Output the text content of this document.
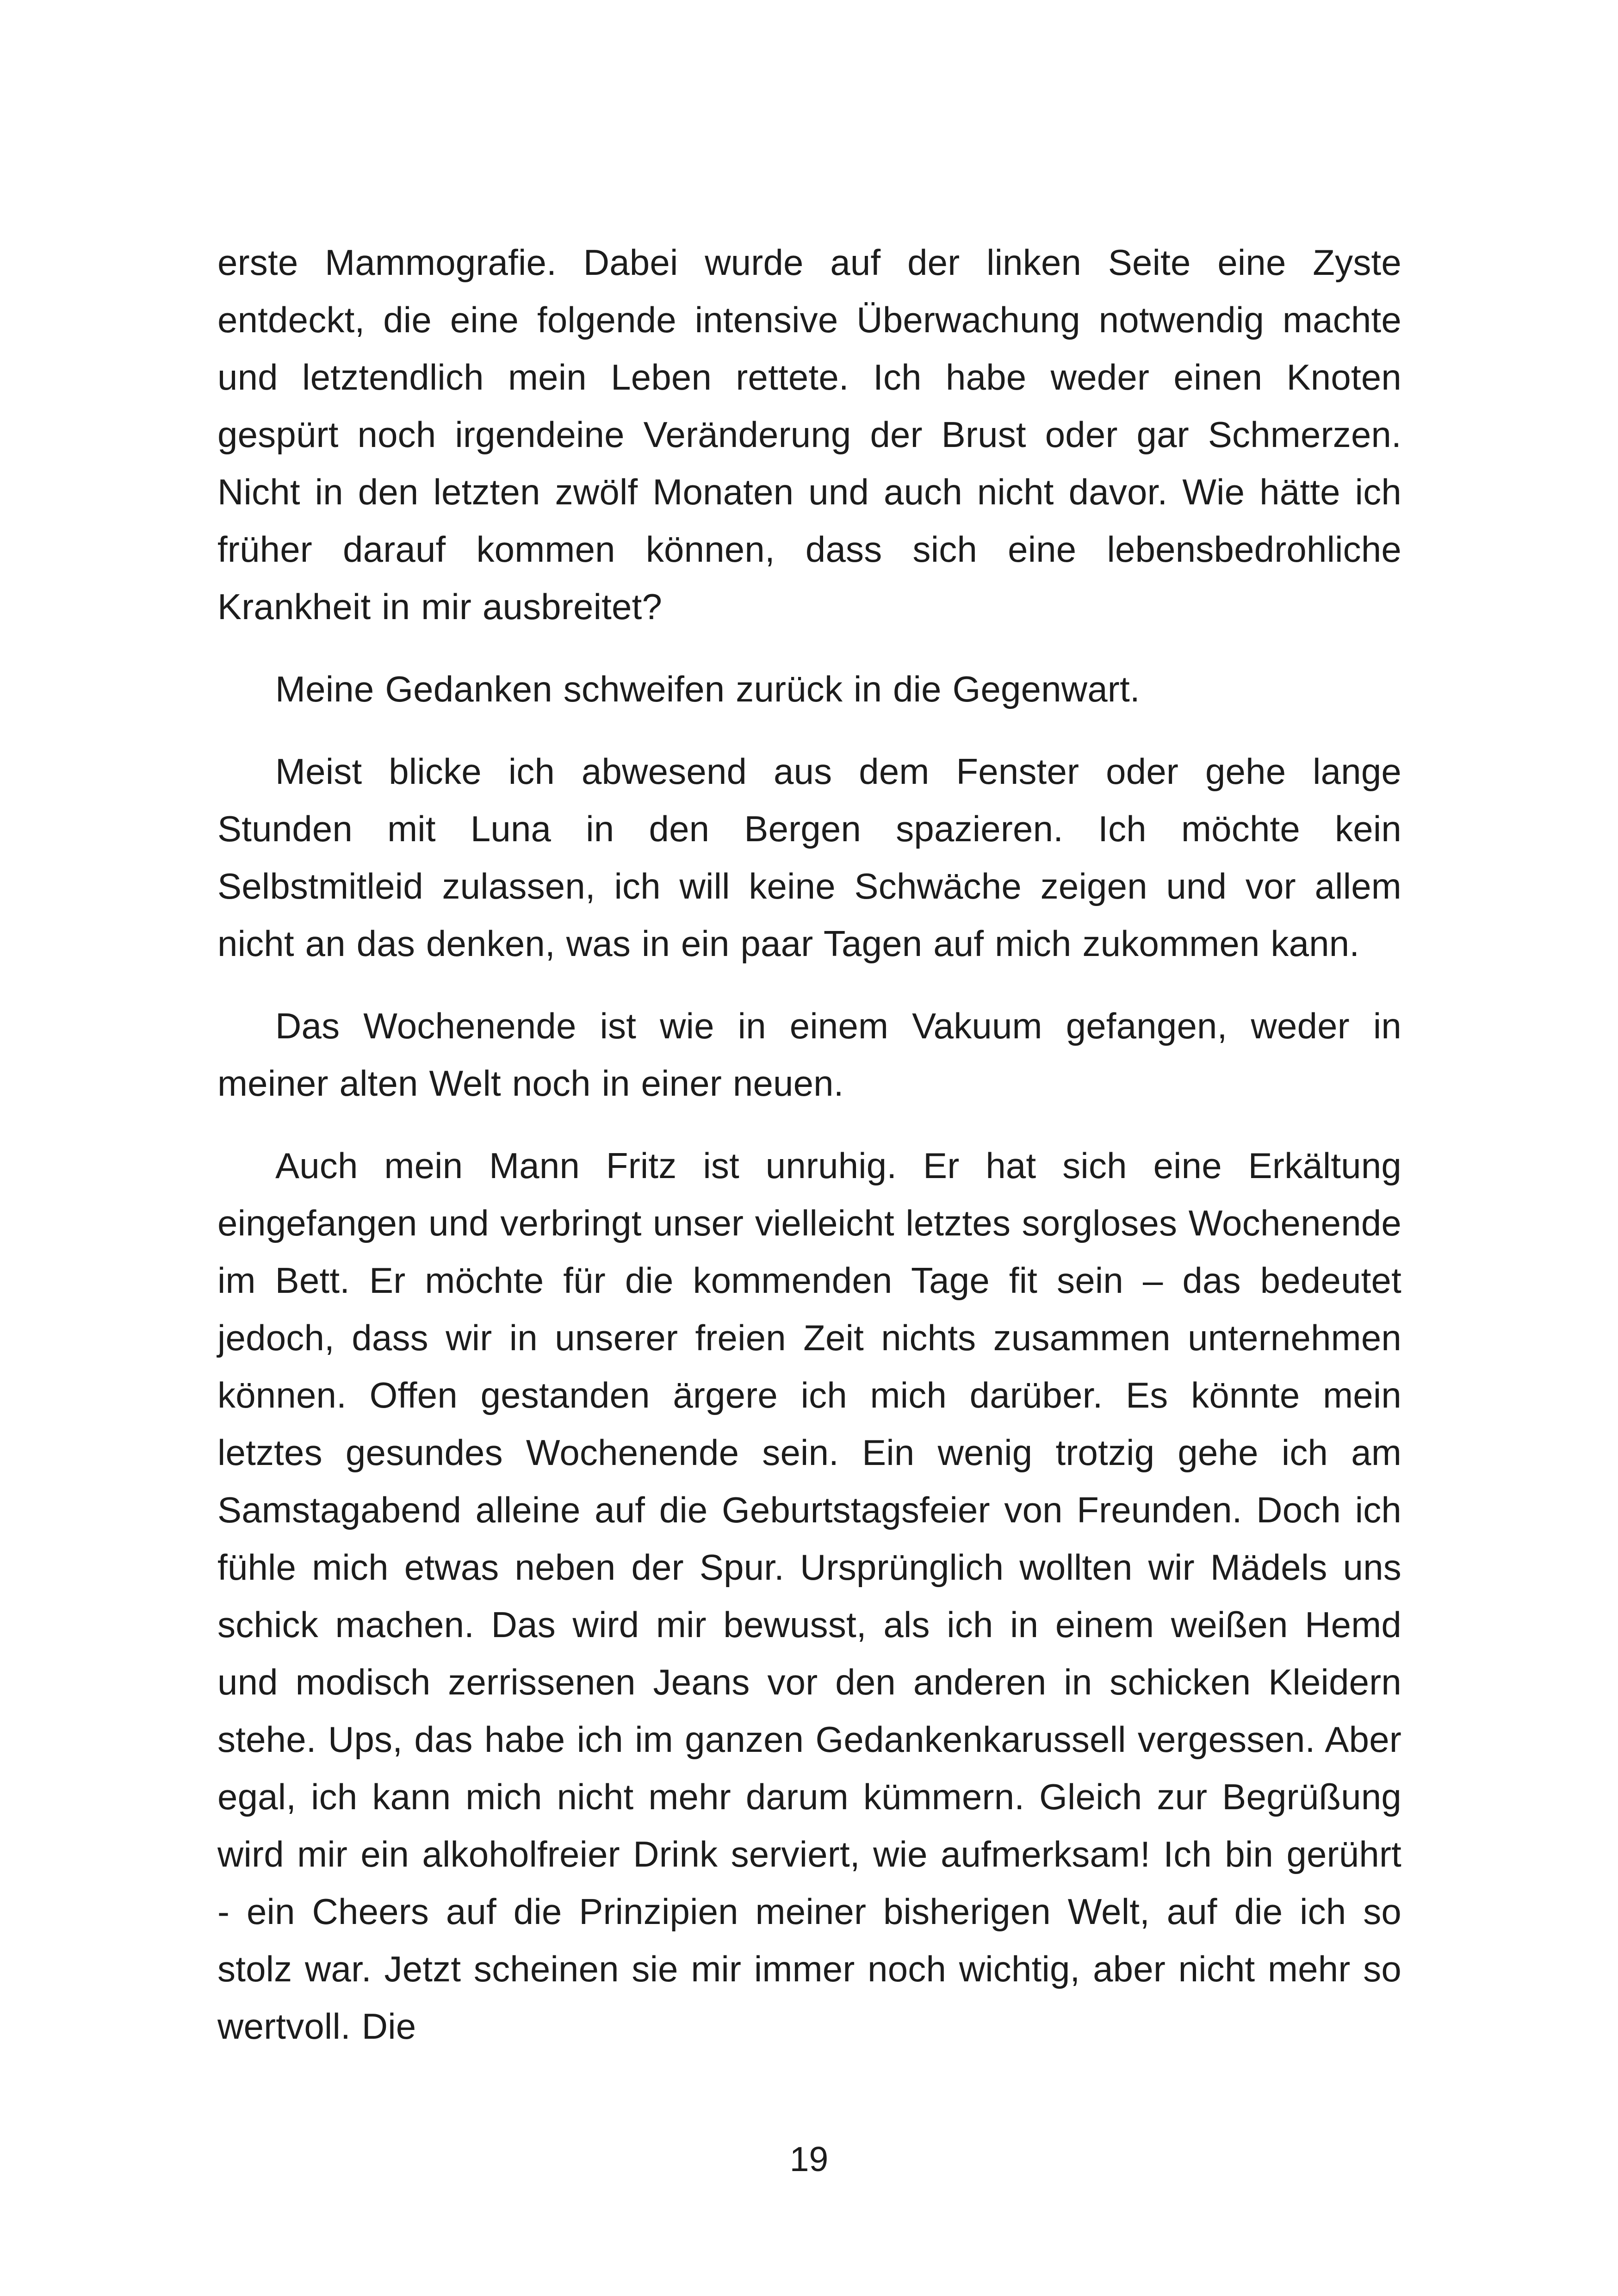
erste Mammografie. Dabei wurde auf der linken Seite eine Zyste entdeckt, die eine folgende intensive Überwachung notwendig machte und letztendlich mein Leben rettete. Ich habe weder einen Knoten gespürt noch irgendeine Veränderung der Brust oder gar Schmerzen. Nicht in den letzten zwölf Monaten und auch nicht davor. Wie hätte ich früher darauf kommen können, dass sich eine lebensbedrohliche Krankheit in mir ausbreitet?

Meine Gedanken schweifen zurück in die Gegenwart.

Meist blicke ich abwesend aus dem Fenster oder gehe lange Stunden mit Luna in den Bergen spazieren. Ich möchte kein Selbstmitleid zulassen, ich will keine Schwäche zeigen und vor allem nicht an das denken, was in ein paar Tagen auf mich zukommen kann.

Das Wochenende ist wie in einem Vakuum gefangen, weder in meiner alten Welt noch in einer neuen.

Auch mein Mann Fritz ist unruhig. Er hat sich eine Erkältung eingefangen und verbringt unser vielleicht letztes sorgloses Wochenende im Bett. Er möchte für die kommenden Tage fit sein – das bedeutet jedoch, dass wir in unserer freien Zeit nichts zusammen unternehmen können. Offen gestanden ärgere ich mich darüber. Es könnte mein letztes gesundes Wochenende sein. Ein wenig trotzig gehe ich am Samstagabend alleine auf die Geburtstagsfeier von Freunden. Doch ich fühle mich etwas neben der Spur. Ursprünglich wollten wir Mädels uns schick machen. Das wird mir bewusst, als ich in einem weißen Hemd und modisch zerrissenen Jeans vor den anderen in schicken Kleidern stehe. Ups, das habe ich im ganzen Gedankenkarussell vergessen. Aber egal, ich kann mich nicht mehr darum kümmern. Gleich zur Begrüßung wird mir ein alkoholfreier Drink serviert, wie aufmerksam! Ich bin gerührt - ein Cheers auf die Prinzipien meiner bisherigen Welt, auf die ich so stolz war. Jetzt scheinen sie mir immer noch wichtig, aber nicht mehr so wertvoll. Die

19
